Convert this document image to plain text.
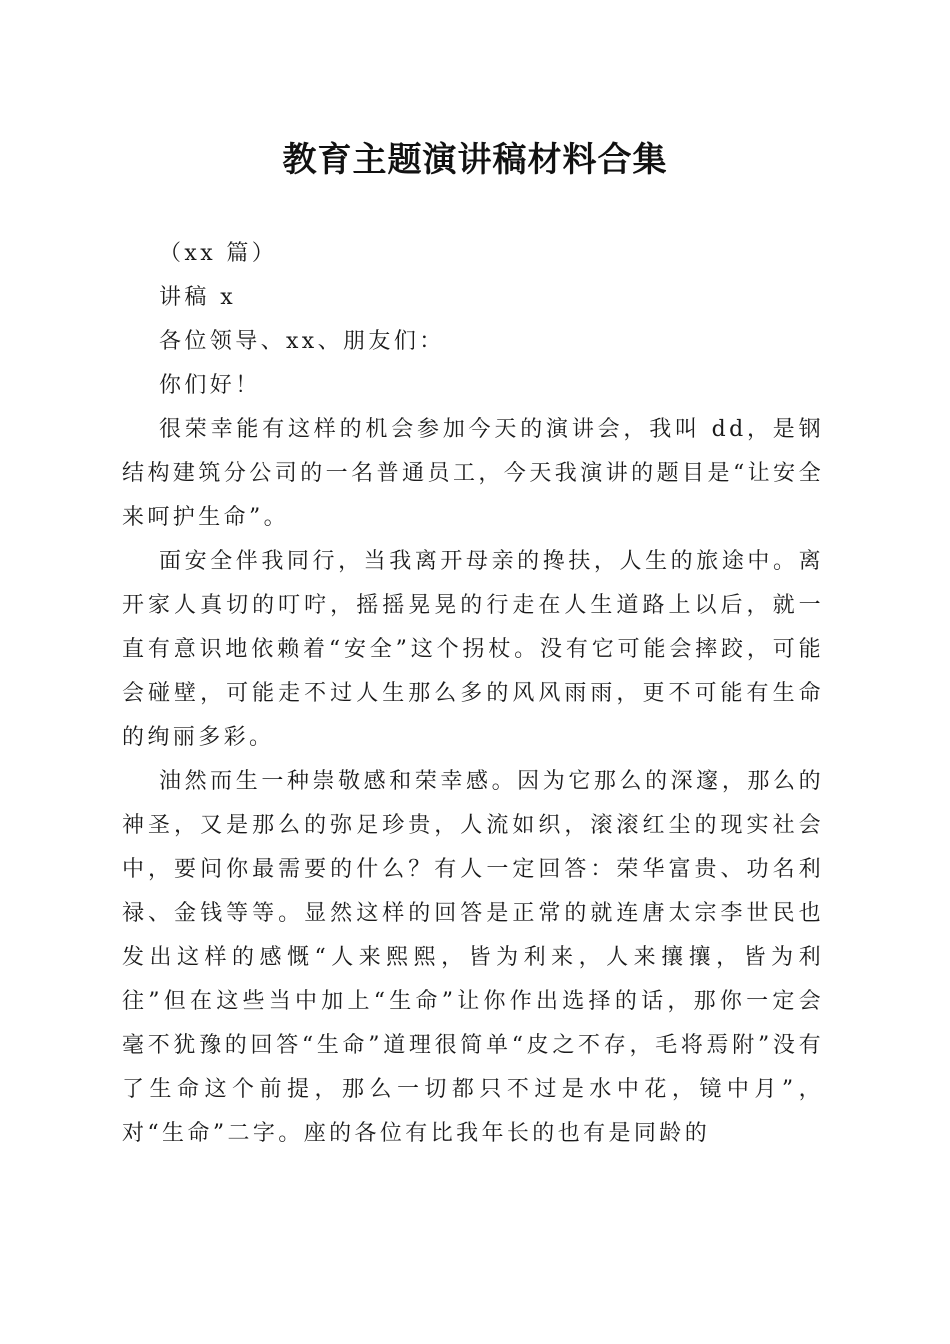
教育主题演讲稿材料合集

（xx 篇）

讲稿 x

各位领导、xx、朋友们：

你们好！

很荣幸能有这样的机会参加今天的演讲会，我叫 dd，是钢结构建筑分公司的一名普通员工，今天我演讲的题目是“让安全来呵护生命”。

面安全伴我同行，当我离开母亲的搀扶，人生的旅途中。离开家人真切的叮咛，摇摇晃晃的行走在人生道路上以后，就一直有意识地依赖着“安全”这个拐杖。没有它可能会摔跤，可能会碰壁，可能走不过人生那么多的风风雨雨，更不可能有生命的绚丽多彩。

油然而生一种崇敬感和荣幸感。因为它那么的深邃，那么的神圣，又是那么的弥足珍贵，人流如织，滚滚红尘的现实社会中，要问你最需要的什么？有人一定回答：荣华富贵、功名利禄、金钱等等。显然这样的回答是正常的就连唐太宗李世民也发出这样的感慨“人来熙熙，皆为利来，人来攘攘，皆为利往”但在这些当中加上“生命”让你作出选择的话，那你一定会毫不犹豫的回答“生命”道理很简单“皮之不存，毛将焉附”没有了生命这个前提，那么一切都只不过是水中花，镜中月”，对“生命”二字。座的各位有比我年长的也有是同龄的
